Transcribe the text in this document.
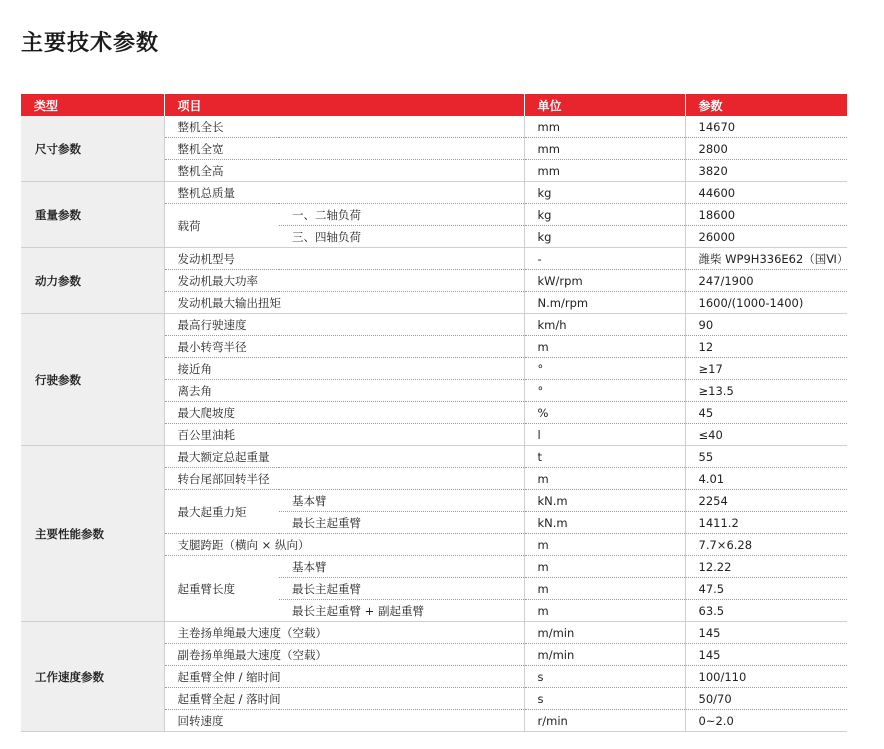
主要技术参数
类型	项目		单位	参数
尺寸参数	整机全长		mm	14670
	整机全宽		mm	2800
	整机全高		mm	3820
重量参数	整机总质量		kg	44600
	载荷	一、二轴负荷	kg	18600
		三、四轴负荷	kg	26000
动力参数	发动机型号		-	潍柴 WP9H336E62（国Ⅵ）
	发动机最大功率		kW/rpm	247/1900
	发动机最大输出扭矩		N.m/rpm	1600/(1000-1400)
行驶参数	最高行驶速度		km/h	90
	最小转弯半径		m	12
	接近角		°	≥17
	离去角		°	≥13.5
	最大爬坡度		%	45
	百公里油耗		l	≤40
主要性能参数	最大额定总起重量		t	55
	转台尾部回转半径		m	4.01
	最大起重力矩	基本臂	kN.m	2254
		最长主起重臂	kN.m	1411.2
	支腿跨距（横向 × 纵向）		m	7.7×6.28
	起重臂长度	基本臂	m	12.22
		最长主起重臂	m	47.5
		最长主起重臂 + 副起重臂	m	63.5
工作速度参数	主卷扬单绳最大速度（空载）		m/min	145
	副卷扬单绳最大速度（空载）		m/min	145
	起重臂全伸 / 缩时间		s	100/110
	起重臂全起 / 落时间		s	50/70
	回转速度		r/min	0~2.0
